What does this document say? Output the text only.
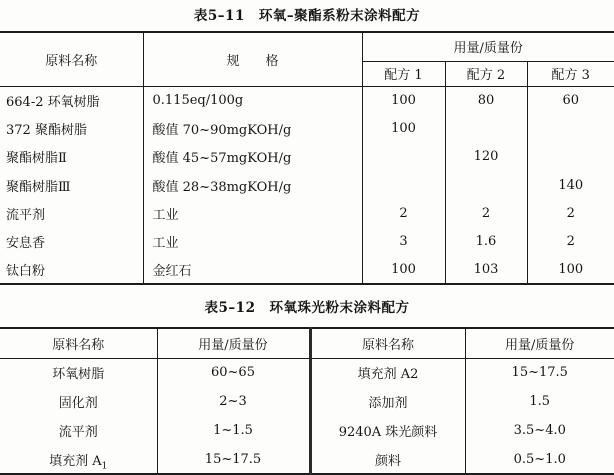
表5–11　环氧–聚酯系粉末涂料配方
原料名称	规　　格	用量/质量份		
		配方 1	配方 2	配方 3
664-2 环氧树脂	0.115eq/100g	100	80	60
372 聚酯树脂	酸值 70~90mgKOH/g	100		
聚酯树脂Ⅱ	酸值 45~57mgKOH/g		120	
聚酯树脂Ⅲ	酸值 28~38mgKOH/g			140
流平剂	工业	2	2	2
安息香	工业	3	1.6	2
钛白粉	金红石	100	103	100
表5–12　环氧珠光粉末涂料配方
原料名称	用量/质量份	原料名称	用量/质量份
环氧树脂	60~65	填充剂 A2	15~17.5
固化剂	2~3	添加剂	1.5
流平剂	1~1.5	9240A 珠光颜料	3.5~4.0
填充剂 $A_1$	15~17.5	颜料	0.5~1.0
